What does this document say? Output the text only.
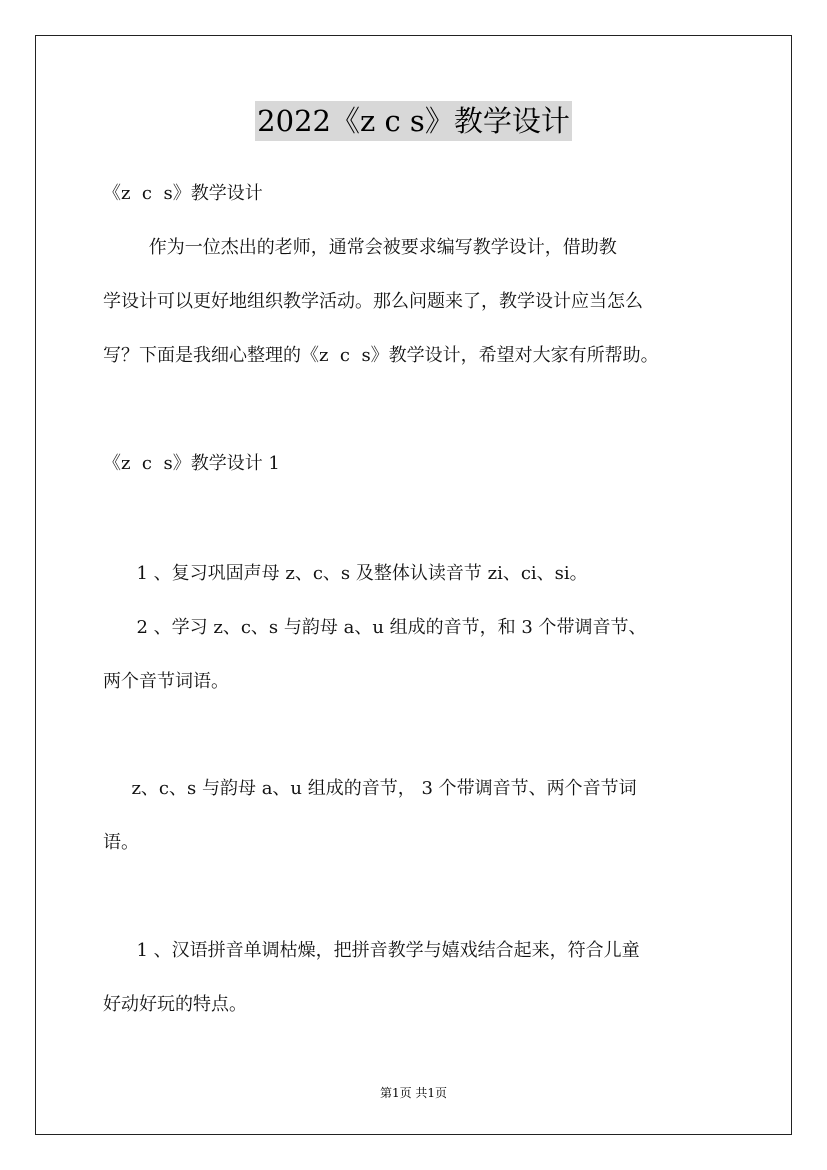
2022《z c s》教学设计
《z  c  s》教学设计
作为一位杰出的老师，通常会被要求编写教学设计，借助教
学设计可以更好地组织教学活动。那么问题来了，教学设计应当怎么
写？下面是我细心整理的《z  c  s》教学设计，希望对大家有所帮助。
《z  c  s》教学设计 1
1 、复习巩固声母 z、c、s 及整体认读音节 zi、ci、si。
2 、学习 z、c、s 与韵母 a、u 组成的音节，和 3 个带调音节、
两个音节词语。
z、c、s 与韵母 a、u 组成的音节， 3 个带调音节、两个音节词
语。
1 、汉语拼音单调枯燥，把拼音教学与嬉戏结合起来，符合儿童
好动好玩的特点。
第1页 共1页
